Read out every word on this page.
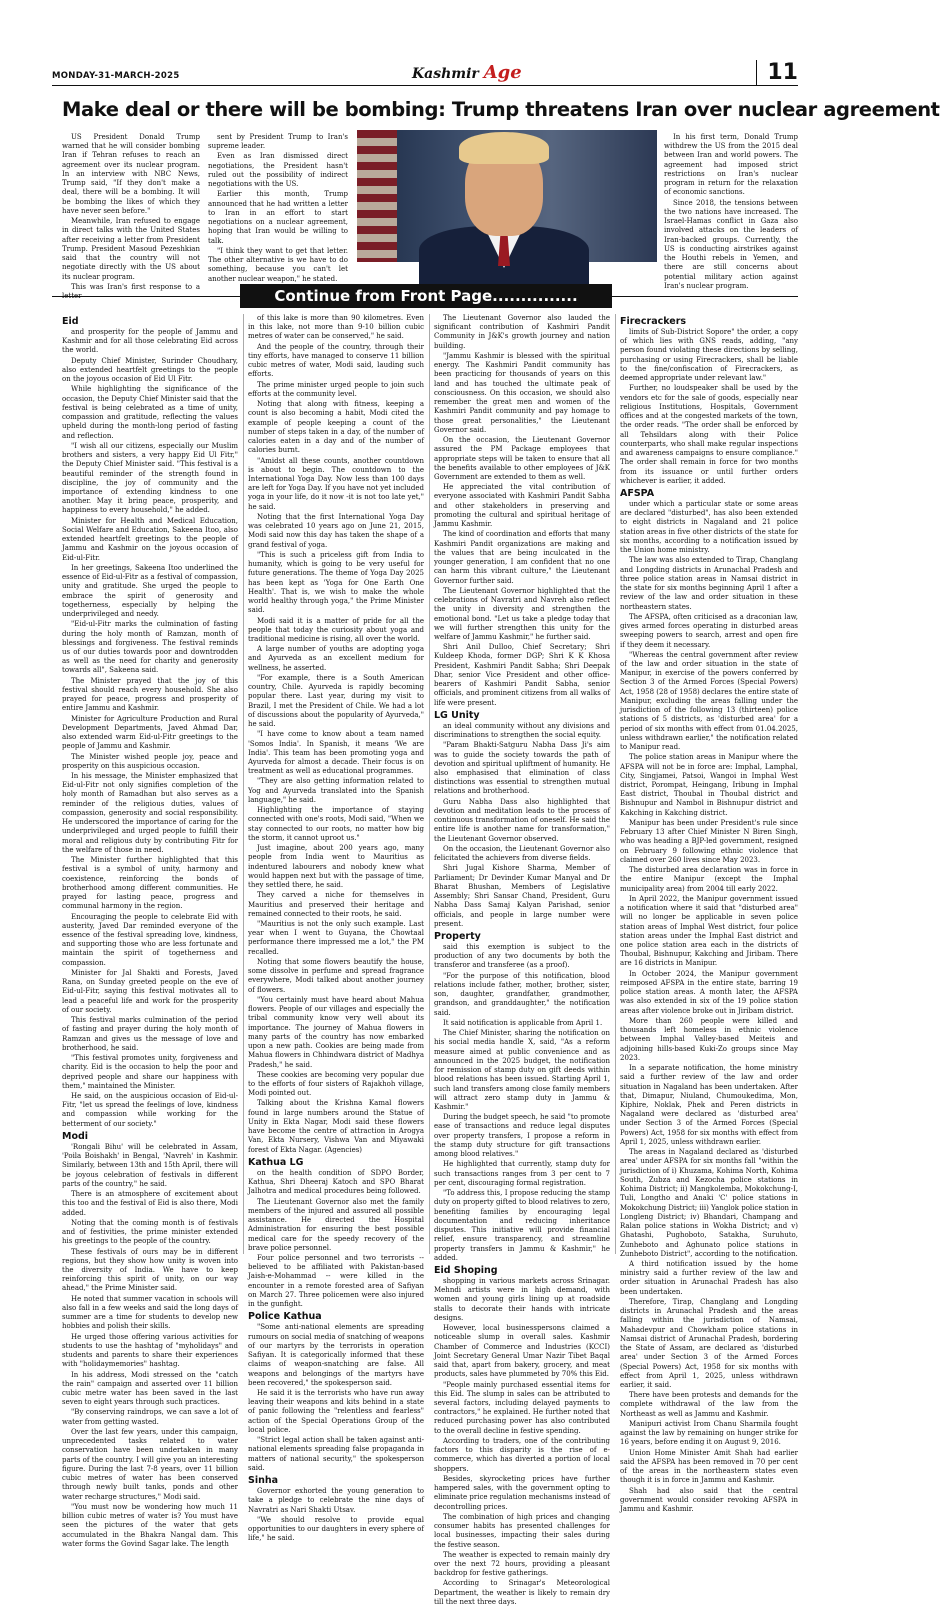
MONDAY-31-MARCH-2025	Kashmir Age	11
Make deal or there will be bombing: Trump threatens Iran over nuclear agreement

US President Donald Trump warned that he will consider bombing Iran if Tehran refuses to reach an agreement over its nuclear program. In an interview with NBC News, Trump said, "If they don't make a deal, there will be a bombing. It will be bombing the likes of which they have never seen before."

Meanwhile, Iran refused to engage in direct talks with the United States after receiving a letter from President Trump. President Masoud Pezeshkian said that the country will not negotiate directly with the US about its nuclear program.

This was Iran's first response to a letter

sent by President Trump to Iran's supreme leader.

Even as Iran dismissed direct negotiations, the President hasn't ruled out the possibility of indirect negotiations with the US.

Earlier this month, Trump announced that he had written a letter to Iran in an effort to start negotiations on a nuclear agreement, hoping that Iran would be willing to talk.

"I think they want to get that letter. The other alternative is we have to do something, because you can't let another nuclear weapon," he stated.

In his first term, Donald Trump withdrew the US from the 2015 deal between Iran and world powers. The agreement had imposed strict restrictions on Iran's nuclear program in return for the relaxation of economic sanctions.

Since 2018, the tensions between the two nations have increased. The Israel-Hamas conflict in Gaza also involved attacks on the leaders of Iran-backed groups. Currently, the US is conducting airstrikes against the Houthi rebels in Yemen, and there are still concerns about potential military action against Iran's nuclear program.

Continue from Front Page...............
Eid

and prosperity for the people of Jammu and Kashmir and for all those celebrating Eid across the world.

Deputy Chief Minister, Surinder Choudhary, also extended heartfelt greetings to the people on the joyous occasion of Eid Ul Fitr.

While highlighting the significance of the occasion, the Deputy Chief Minister said that the festival is being celebrated as a time of unity, compassion and gratitude, reflecting the values upheld during the month-long period of fasting and reflection.

"I wish all our citizens, especially our Muslim brothers and sisters, a very happy Eid Ul Fitr," the Deputy Chief Minister said. "This festival is a beautiful reminder of the strength found in discipline, the joy of community and the importance of extending kindness to one another. May it bring peace, prosperity, and happiness to every household," he added.

Minister for Health and Medical Education, Social Welfare and Education, Sakeena Itoo, also extended heartfelt greetings to the people of Jammu and Kashmir on the joyous occasion of Eid-ul-Fitr.

In her greetings, Sakeena Itoo underlined the essence of Eid-ul-Fitr as a festival of compassion, unity and gratitude. She urged the people to embrace the spirit of generosity and togetherness, especially by helping the underprivileged and needy.

"Eid-ul-Fitr marks the culmination of fasting during the holy month of Ramzan, month of blessings and forgiveness. The festival reminds us of our duties towards poor and downtrodden as well as the need for charity and generosity towards all", Sakeena said.

The Minister prayed that the joy of this festival should reach every household. She also prayed for peace, progress and prosperity of entire Jammu and Kashmir.

Minister for Agriculture Production and Rural Development Departments, Javed Ahmad Dar, also extended warm Eid-ul-Fitr greetings to the people of Jammu and Kashmir.

The Minister wished people joy, peace and prosperity on this auspicious occasion.

In his message, the Minister emphasized that Eid-ul-Fitr not only signifies completion of the holy month of Ramadhan but also serves as a reminder of the religious duties, values of compassion, generosity and social responsibility. He underscored the importance of caring for the underprivileged and urged people to fulfill their moral and religious duty by contributing Fitr for the welfare of those in need.

The Minister further highlighted that this festival is a symbol of unity, harmony and coexistence, reinforcing the bonds of brotherhood among different communities. He prayed for lasting peace, progress and communal harmony in the region.

Encouraging the people to celebrate Eid with austerity, Javed Dar reminded everyone of the essence of the festival spreading love, kindness, and supporting those who are less fortunate and maintain the spirit of togetherness and compassion.

Minister for Jal Shakti and Forests, Javed Rana, on Sunday greeted people on the eve of Eid-ul-Fitr, saying this festival motivates all to lead a peaceful life and work for the prosperity of our society.

This festival marks culmination of the period of fasting and prayer during the holy month of Ramzan and gives us the message of love and brotherhood, he said.

"This festival promotes unity, forgiveness and charity. Eid is the occasion to help the poor and deprived people and share our happiness with them," maintained the Minister.

He said, on the auspicious occasion of Eid-ul-Fitr, "let us spread the feelings of love, kindness and compassion while working for the betterment of our society."

Modi

'Rongali Bihu' will be celebrated in Assam, 'Poila Boishakh' in Bengal, 'Navreh' in Kashmir. Similarly, between 13th and 15th April, there will be joyous celebration of festivals in different parts of the country," he said.

There is an atmosphere of excitement about this too and the festival of Eid is also there, Modi added.

Noting that the coming month is of festivals and of festivities, the prime minister extended his greetings to the people of the country.

These festivals of ours may be in different regions, but they show how unity is woven into the diversity of India. We have to keep reinforcing this spirit of unity, on our way ahead," the Prime Minister said.

He noted that summer vacation in schools will also fall in a few weeks and said the long days of summer are a time for students to develop new hobbies and polish their skills.

He urged those offering various activities for students to use the hashtag of "myholidays" and students and parents to share their experiences with "holidaymemories" hashtag.

In his address, Modi stressed on the "catch the rain" campaign and asserted over 11 billion cubic metre water has been saved in the last seven to eight years through such practices.

"By conserving raindrops, we can save a lot of water from getting wasted.

Over the last few years, under this campaign, unprecedented tasks related to water conservation have been undertaken in many parts of the country. I will give you an interesting figure. During the last 7-8 years, over 11 billion cubic metres of water has been conserved through newly built tanks, ponds and other water recharge structures," Modi said.

"You must now be wondering how much 11 billion cubic metres of water is? You must have seen the pictures of the water that gets accumulated in the Bhakra Nangal dam. This water forms the Govind Sagar lake. The length

of this lake is more than 90 kilometres. Even in this lake, not more than 9-10 billion cubic metres of water can be conserved," he said.

And the people of the country, through their tiny efforts, have managed to conserve 11 billion cubic metres of water, Modi said, lauding such efforts.

The prime minister urged people to join such efforts at the community level.

Noting that along with fitness, keeping a count is also becoming a habit, Modi cited the example of people keeping a count of the number of steps taken in a day, of the number of calories eaten in a day and of the number of calories burnt.

"Amidst all these counts, another countdown is about to begin. The countdown to the International Yoga Day. Now less than 100 days are left for Yoga Day. If you have not yet included yoga in your life, do it now -it is not too late yet," he said.

Noting that the first International Yoga Day was celebrated 10 years ago on June 21, 2015, Modi said now this day has taken the shape of a grand festival of yoga.

"This is such a priceless gift from India to humanity, which is going to be very useful for future generations. The theme of Yoga Day 2025 has been kept as 'Yoga for One Earth One Health'. That is, we wish to make the whole world healthy through yoga," the Prime Minister said.

Modi said it is a matter of pride for all the people that today the curiosity about yoga and traditional medicine is rising, all over the world.

A large number of youths are adopting yoga and Ayurveda as an excellent medium for wellness, he asserted.

"For example, there is a South American country, Chile. Ayurveda is rapidly becoming popular there. Last year, during my visit to Brazil, I met the President of Chile. We had a lot of discussions about the popularity of Ayurveda," he said.

"I have come to know about a team named 'Somos India'. In Spanish, it means 'We are India'. This team has been promoting yoga and Ayurveda for almost a decade. Their focus is on treatment as well as educational programmes.

"They are also getting information related to Yog and Ayurveda translated into the Spanish language," he said.

Highlighting the importance of staying connected with one's roots, Modi said, "When we stay connected to our roots, no matter how big the storm, it cannot uproot us."

Just imagine, about 200 years ago, many people from India went to Mauritius as indentured labourers and nobody knew what would happen next but with the passage of time, they settled there, he said.

They carved a niche for themselves in Mauritius and preserved their heritage and remained connected to their roots, he said.

"Mauritius is not the only such example. Last year when I went to Guyana, the Chowtaal performance there impressed me a lot," the PM recalled.

Noting that some flowers beautify the house, some dissolve in perfume and spread fragrance everywhere, Modi talked about another journey of flowers.

"You certainly must have heard about Mahua flowers. People of our villages and especially the tribal community know very well about its importance. The journey of Mahua flowers in many parts of the country has now embarked upon a new path. Cookies are being made from Mahua flowers in Chhindwara district of Madhya Pradesh," he said.

These cookies are becoming very popular due to the efforts of four sisters of Rajakhoh village, Modi pointed out.

Talking about the Krishna Kamal flowers found in large numbers around the Statue of Unity in Ekta Nagar, Modi said these flowers have become the centre of attraction in Arogya Van, Ekta Nursery, Vishwa Van and Miyawaki forest of Ekta Nagar. (Agencies)

Kathua LG

on the health condition of SDPO Border, Kathua, Shri Dheeraj Katoch and SPO Bharat Jalhotra and medical procedures being followed.

The Lieutenant Governor also met the family members of the injured and assured all possible assistance. He directed the Hospital Administration for ensuring the best possible medical care for the speedy recovery of the brave police personnel.

Four police personnel and two terrorists -- believed to be affiliated with Pakistan-based Jaish-e-Mohammad -- were killed in the encounter in a remote forested area of Safiyan on March 27. Three policemen were also injured in the gunfight.

Police Kathua

"Some anti-national elements are spreading rumours on social media of snatching of weapons of our martyrs by the terrorists in operation Safiyan. It is categorically informed that these claims of weapon-snatching are false. All weapons and belongings of the martyrs have been recovered," the spokesperson said.

He said it is the terrorists who have run away leaving their weapons and kits behind in a state of panic following the "relentless and fearless" action of the Special Operations Group of the local police.

"Strict legal action shall be taken against anti-national elements spreading false propaganda in matters of national security," the spokesperson said.

Sinha

Governor exhorted the young generation to take a pledge to celebrate the nine days of Navratri as Nari Shakti Utsav.

"We should resolve to provide equal opportunities to our daughters in every sphere of life," he said.

The Lieutenant Governor also lauded the significant contribution of Kashmiri Pandit Community in J&K's growth journey and nation building.

"Jammu Kashmir is blessed with the spiritual energy. The Kashmiri Pandit community has been practicing for thousands of years on this land and has touched the ultimate peak of consciousness. On this occasion, we should also remember the great men and women of the Kashmiri Pandit community and pay homage to those great personalities," the Lieutenant Governor said.

On the occasion, the Lieutenant Governor assured the PM Package employees that appropriate steps will be taken to ensure that all the benefits available to other employees of J&K Government are extended to them as well.

He appreciated the vital contribution of everyone associated with Kashmiri Pandit Sabha and other stakeholders in preserving and promoting the cultural and spiritual heritage of Jammu Kashmir.

The kind of coordination and efforts that many Kashmiri Pandit organizations are making and the values that are being inculcated in the younger generation, I am confident that no one can harm this vibrant culture," the Lieutenant Governor further said.

The Lieutenant Governor highlighted that the celebrations of Navratri and Navreh also reflect the unity in diversity and strengthen the emotional bond. "Let us take a pledge today that we will further strengthen this unity for the welfare of Jammu Kashmir," he further said.

Shri Anil Dulloo, Chief Secretary; Shri Kuldeep Khoda, former DGP; Shri K K Khosa President, Kashmiri Pandit Sabha; Shri Deepak Dhar, senior Vice President and other office-bearers of Kashmiri Pandit Sabha, senior officials, and prominent citizens from all walks of life were present.

LG Unity

an ideal community without any divisions and discriminations to strengthen the social equity.

"Param Bhakti-Satguru Nabha Dass Ji's aim was to guide the society towards the path of devotion and spiritual upliftment of humanity. He also emphasised that elimination of class distinctions was essential to strengthen mutual relations and brotherhood.

Guru Nabha Dass also highlighted that devotion and meditation leads to the process of continuous transformation of oneself. He said the entire life is another name for transformation," the Lieutenant Governor observed.

On the occasion, the Lieutenant Governor also felicitated the achievers from diverse fields.

Shri Jugal Kishore Sharma, Member of Parliament; Dr Devinder Kumar Manyal and Dr Bharat Bhushan, Members of Legislative Assembly; Shri Sansar Chand, President, Guru Nabha Dass Samaj Kalyan Parishad, senior officials, and people in large number were present.

Property

said this exemption is subject to the production of any two documents by both the transferor and transferee (as a proof).

"For the purpose of this notification, blood relations include father, mother, brother, sister, son, daughter, grandfather, grandmother, grandson, and granddaughter," the notification said.

It said notification is applicable from April 1.

The Chief Minister, sharing the notification on his social media handle X, said, "As a reform measure aimed at public convenience and as announced in the 2025 budget, the notification for remission of stamp duty on gift deeds within blood relations has been issued. Starting April 1, such land transfers among close family members will attract zero stamp duty in Jammu & Kashmir."

During the budget speech, he said "to promote ease of transactions and reduce legal disputes over property transfers, I propose a reform in the stamp duty structure for gift transactions among blood relatives."

He highlighted that currently, stamp duty for such transactions ranges from 3 per cent to 7 per cent, discouraging formal registration.

"To address this, I propose reducing the stamp duty on property gifted to blood relatives to zero, benefiting families by encouraging legal documentation and reducing inheritance disputes. This initiative will provide financial relief, ensure transparency, and streamline property transfers in Jammu & Kashmir," he added.

Eid Shoping

shopping in various markets across Srinagar. Mehndi artists were in high demand, with women and young girls lining up at roadside stalls to decorate their hands with intricate designs.

However, local businesspersons claimed a noticeable slump in overall sales. Kashmir Chamber of Commerce and Industries (KCCI) Joint Secretary General Umar Nazir Tibet Baqal said that, apart from bakery, grocery, and meat products, sales have plummeted by 70% this Eid.

"People mainly purchased essential items for this Eid. The slump in sales can be attributed to several factors, including delayed payments to contractors," he explained. He further noted that reduced purchasing power has also contributed to the overall decline in festive spending.

According to traders, one of the contributing factors to this disparity is the rise of e-commerce, which has diverted a portion of local shoppers.

Besides, skyrocketing prices have further hampered sales, with the government opting to eliminate price regulation mechanisms instead of decontrolling prices.

The combination of high prices and changing consumer habits has presented challenges for local businesses, impacting their sales during the festive season.

The weather is expected to remain mainly dry over the next 72 hours, providing a pleasant backdrop for festive gatherings.

According to Srinagar's Meteorological Department, the weather is likely to remain dry till the next three days.

Firecrackers

limits of Sub-District Sopore" the order, a copy of which lies with GNS reads, adding, "any person found violating these directions by selling, purchasing or using Firecrackers, shall be liable to the fine/confiscation of Firecrackers, as deemed appropriate under relevant law."

Further, no loudspeaker shall be used by the vendors etc for the sale of goods, especially near religious Institutions, Hospitals, Government offices and at the congested markets of the town, the order reads. "The order shall be enforced by all Tehsildars along with their Police counterparts, who shall make regular inspections and awareness campaigns to ensure compliance." The order shall remain in force for two months from its issuance or until further orders whichever is earlier, it added.

AFSPA

under which a particular state or some areas are declared "disturbed", has also been extended to eight districts in Nagaland and 21 police station areas in five other districts of the state for six months, according to a notification issued by the Union home ministry.

The law was also extended to Tirap, Changlang and Longding districts in Arunachal Pradesh and three police station areas in Namsai district in the state for six months beginning April 1 after a review of the law and order situation in these northeastern states.

The AFSPA, often criticised as a draconian law, gives armed forces operating in disturbed areas sweeping powers to search, arrest and open fire if they deem it necessary.

"Whereas the central government after review of the law and order situation in the state of Manipur, in exercise of the powers conferred by Section 3 of the Armed Forces (Special Powers) Act, 1958 (28 of 1958) declares the entire state of Manipur, excluding the areas falling under the jurisdiction of the following 13 (thirteen) police stations of 5 districts, as 'disturbed area' for a period of six months with effect from 01.04.2025, unless withdrawn earlier," the notification related to Manipur read.

The police station areas in Manipur where the AFSPA will not be in force are: Imphal, Lamphal, City, Singjamei, Patsoi, Wangoi in Imphal West district, Porompat, Heingang, Iribung in Imphal East district, Thoubal in Thoubal district and Bishnupur and Nambol in Bishnupur district and Kakching in Kakching district.

Manipur has been under President's rule since February 13 after Chief Minister N Biren Singh, who was heading a BJP-led government, resigned on February 9 following ethnic violence that claimed over 260 lives since May 2023.

The disturbed area declaration was in force in the entire Manipur (except the Imphal municipality area) from 2004 till early 2022.

In April 2022, the Manipur government issued a notification where it said that "disturbed area" will no longer be applicable in seven police station areas of Imphal West district, four police station areas under the Imphal East district and one police station area each in the districts of Thoubal, Bishnupur, Kakching and Jiribam. There are 16 districts in Manipur.

In October 2024, the Manipur government reimposed AFSPA in the entire state, barring 19 police station areas. A month later, the AFSPA was also extended in six of the 19 police station areas after violence broke out in Jiribam district.

More than 260 people were killed and thousands left homeless in ethnic violence between Imphal Valley-based Meiteis and adjoining hills-based Kuki-Zo groups since May 2023.

In a separate notification, the home ministry said a further review of the law and order situation in Nagaland has been undertaken. After that, Dimapur, Niuland, Chumoukedima, Mon, Kiphire, Noklak, Phek and Peren districts in Nagaland were declared as 'disturbed area' under Section 3 of the Armed Forces (Special Powers) Act, 1958 for six months with effect from April 1, 2025, unless withdrawn earlier.

The areas in Nagaland declared as 'disturbed area' under AFSPA for six months fall "within the jurisdiction of i) Khuzama, Kohima North, Kohima South, Zubza and Kezocha police stations in Kohima District; ii) Mangkolemba, Mokokchung-I, Tuli, Longtho and Anaki 'C' police stations in Mokokchung District; iii) Yanglok police station in Longleng District; iv) Bhandari, Champang and Ralan police stations in Wokha District; and v) Ghatashi, Pughoboto, Satakha, Suruhuto, Zunheboto and Aghunato police stations in Zunheboto District", according to the notification.

A third notification issued by the home ministry said a further review of the law and order situation in Arunachal Pradesh has also been undertaken.

Therefore, Tirap, Changlang and Longding districts in Arunachal Pradesh and the areas falling within the jurisdiction of Namsai, Mahadevpur and Chowkham police stations in Namsai district of Arunachal Pradesh, bordering the State of Assam, are declared as 'disturbed area' under Section 3 of the Armed Forces (Special Powers) Act, 1958 for six months with effect from April 1, 2025, unless withdrawn earlier, it said.

There have been protests and demands for the complete withdrawal of the law from the Northeast as well as Jammu and Kashmir.

Manipuri activist Irom Chanu Sharmila fought against the law by remaining on hunger strike for 16 years, before ending it on August 9, 2016.

Union Home Minister Amit Shah had earlier said the AFSPA has been removed in 70 per cent of the areas in the northeastern states even though it is in force in Jammu and Kashmir.

Shah had also said that the central government would consider revoking AFSPA in Jammu and Kashmir.
